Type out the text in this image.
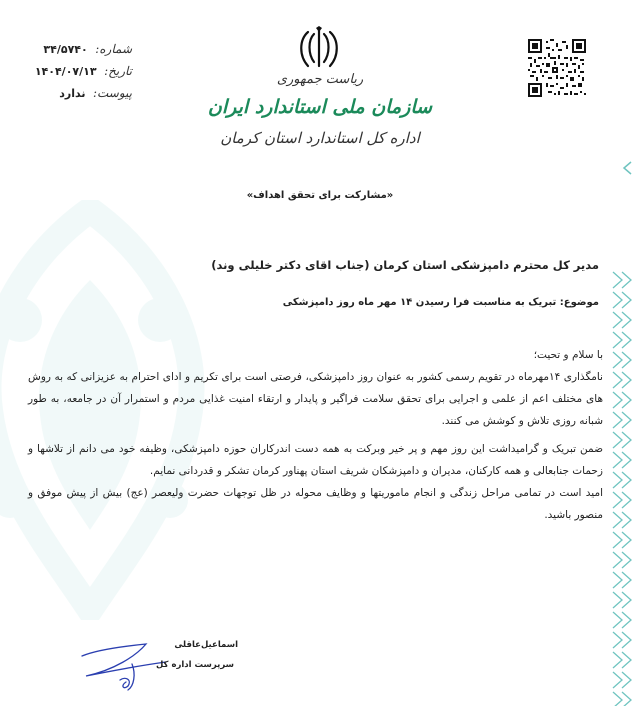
شماره: ۳۴/۵۷۴۰
تاریخ: ۱۴۰۴/۰۷/۱۳
پیوست: ندارد
ریاست جمهوری
سازمان ملی استاندارد ایران
اداره کل استاندارد استان کرمان
«مشارکت برای تحقق اهداف»
مدیر کل محترم دامپزشکی استان کرمان (جناب اقای دکتر خلیلی وند)
موضوع: تبریک به مناسبت فرا رسیدن ۱۴ مهر ماه روز دامپزشکی

با سلام و تحیت؛

نامگذاری ۱۴مهرماه در تقویم رسمی کشور به عنوان روز دامپزشکی، فرصتی است برای تکریم و ادای احترام به عزیزانی که به روش های مختلف اعم از علمی و اجرایی برای تحقق سلامت فراگیر و پایدار و ارتقاء امنیت غذایی مردم و استمرار آن در جامعه، به طور شبانه روزی تلاش و کوشش می کنند.

ضمن تبریک و گرامیداشت این روز مهم و پر خیر وبرکت به همه دست اندرکاران حوزه دامپزشکی، وظیفه خود می دانم از تلاشها و زحمات جنابعالی و همه کارکنان، مدیران و دامپزشکان شریف استان پهناور کرمان تشکر و قدردانی نمایم.

امید است در تمامی مراحل زندگی و انجام ماموریتها و وظایف محوله در ظل توجهات حضرت ولیعصر (عج) بیش از پیش موفق و منصور باشید.

اسماعیل‌عاقلی
سرپرست اداره کل
